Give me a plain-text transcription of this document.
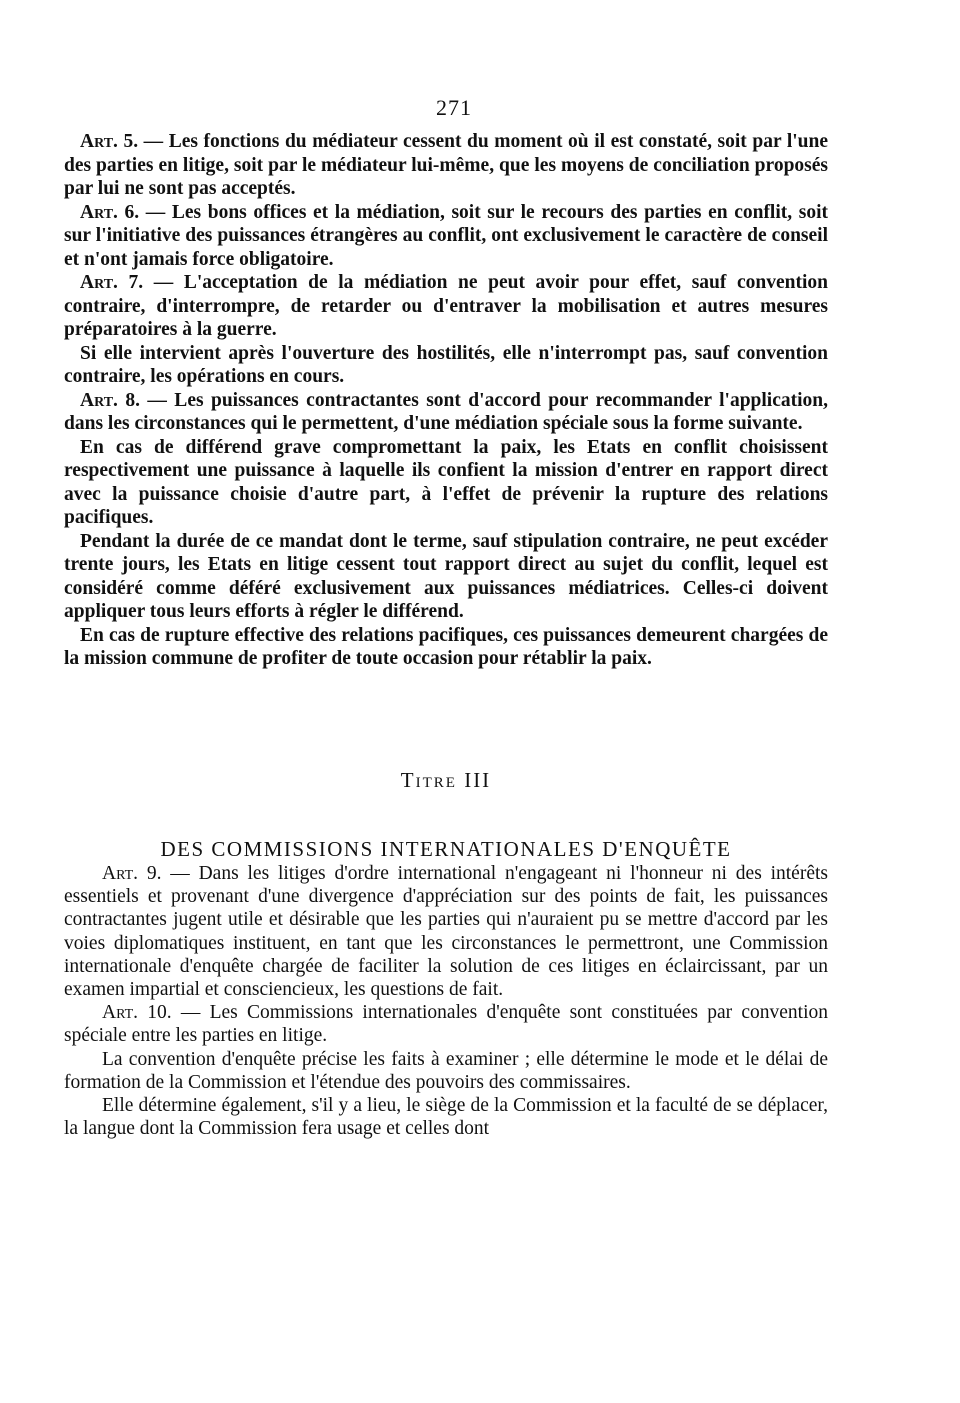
271

Art. 5. — Les fonctions du médiateur cessent du moment où il est constaté, soit par l'une des parties en litige, soit par le médiateur lui-même, que les moyens de conciliation proposés par lui ne sont pas acceptés.

Art. 6. — Les bons offices et la médiation, soit sur le recours des parties en conflit, soit sur l'initiative des puissances étrangères au conflit, ont exclusivement le caractère de conseil et n'ont jamais force obligatoire.

Art. 7. — L'acceptation de la médiation ne peut avoir pour effet, sauf convention contraire, d'interrompre, de retarder ou d'entraver la mobilisation et autres mesures préparatoires à la guerre.

Si elle intervient après l'ouverture des hostilités, elle n'interrompt pas, sauf convention contraire, les opérations en cours.

Art. 8. — Les puissances contractantes sont d'accord pour recommander l'application, dans les circonstances qui le permettent, d'une médiation spéciale sous la forme suivante.

En cas de différend grave compromettant la paix, les Etats en conflit choisissent respectivement une puissance à laquelle ils confient la mission d'entrer en rapport direct avec la puissance choisie d'autre part, à l'effet de prévenir la rupture des relations pacifiques.

Pendant la durée de ce mandat dont le terme, sauf stipulation contraire, ne peut excéder trente jours, les Etats en litige cessent tout rapport direct au sujet du conflit, lequel est considéré comme déféré exclusivement aux puissances médiatrices. Celles-ci doivent appliquer tous leurs efforts à régler le différend.

En cas de rupture effective des relations pacifiques, ces puissances demeurent chargées de la mission commune de profiter de toute occasion pour rétablir la paix.

Titre III

DES COMMISSIONS INTERNATIONALES D'ENQUÊTE

Art. 9. — Dans les litiges d'ordre international n'engageant ni l'honneur ni des intérêts essentiels et provenant d'une divergence d'appréciation sur des points de fait, les puissances contractantes jugent utile et désirable que les parties qui n'auraient pu se mettre d'accord par les voies diplomatiques instituent, en tant que les circonstances le permettront, une Commission internationale d'enquête chargée de faciliter la solution de ces litiges en éclaircissant, par un examen impartial et consciencieux, les questions de fait.

Art. 10. — Les Commissions internationales d'enquête sont constituées par convention spéciale entre les parties en litige.

La convention d'enquête précise les faits à examiner ; elle détermine le mode et le délai de formation de la Commission et l'étendue des pouvoirs des commissaires.

Elle détermine également, s'il y a lieu, le siège de la Commission et la faculté de se déplacer, la langue dont la Commission fera usage et celles dont
